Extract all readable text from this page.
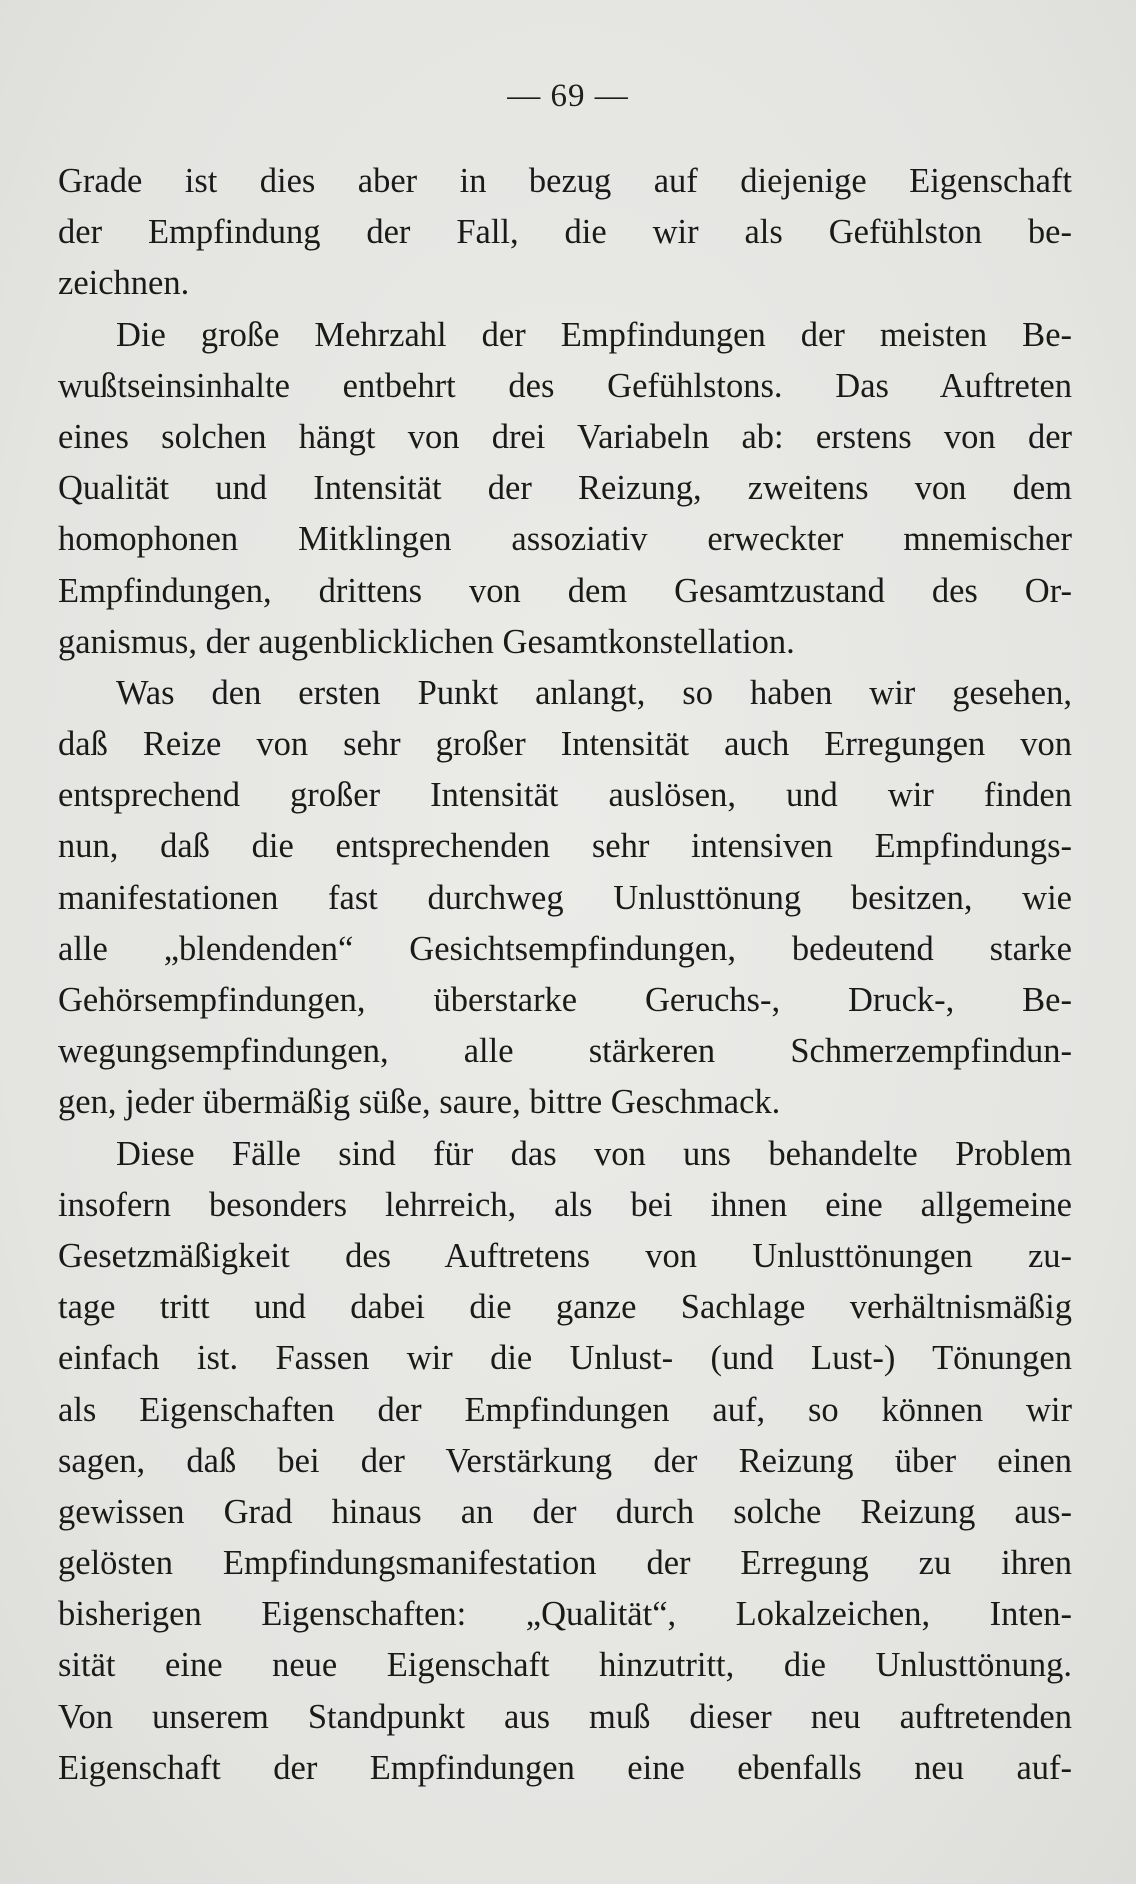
— 69 —
Grade ist dies aber in bezug auf diejenige Eigenschaft
der Empfindung der Fall, die wir als Gefühlston be-
zeichnen.
Die große Mehrzahl der Empfindungen der meisten Be-
wußtseinsinhalte entbehrt des Gefühlstons. Das Auftreten
eines solchen hängt von drei Variabeln ab: erstens von der
Qualität und Intensität der Reizung, zweitens von dem
homophonen Mitklingen assoziativ erweckter mnemischer
Empfindungen, drittens von dem Gesamtzustand des Or-
ganismus, der augenblicklichen Gesamtkonstellation.
Was den ersten Punkt anlangt, so haben wir gesehen,
daß Reize von sehr großer Intensität auch Erregungen von
entsprechend großer Intensität auslösen, und wir finden
nun, daß die entsprechenden sehr intensiven Empfindungs-
manifestationen fast durchweg Unlusttönung besitzen, wie
alle „blendenden“ Gesichtsempfindungen, bedeutend starke
Gehörsempfindungen, überstarke Geruchs-, Druck-, Be-
wegungsempfindungen, alle stärkeren Schmerzempfindun-
gen, jeder übermäßig süße, saure, bittre Geschmack.
Diese Fälle sind für das von uns behandelte Problem
insofern besonders lehrreich, als bei ihnen eine allgemeine
Gesetzmäßigkeit des Auftretens von Unlusttönungen zu-
tage tritt und dabei die ganze Sachlage verhältnismäßig
einfach ist. Fassen wir die Unlust- (und Lust-) Tönungen
als Eigenschaften der Empfindungen auf, so können wir
sagen, daß bei der Verstärkung der Reizung über einen
gewissen Grad hinaus an der durch solche Reizung aus-
gelösten Empfindungsmanifestation der Erregung zu ihren
bisherigen Eigenschaften: „Qualität“, Lokalzeichen, Inten-
sität eine neue Eigenschaft hinzutritt, die Unlusttönung.
Von unserem Standpunkt aus muß dieser neu auftretenden
Eigenschaft der Empfindungen eine ebenfalls neu auf-
